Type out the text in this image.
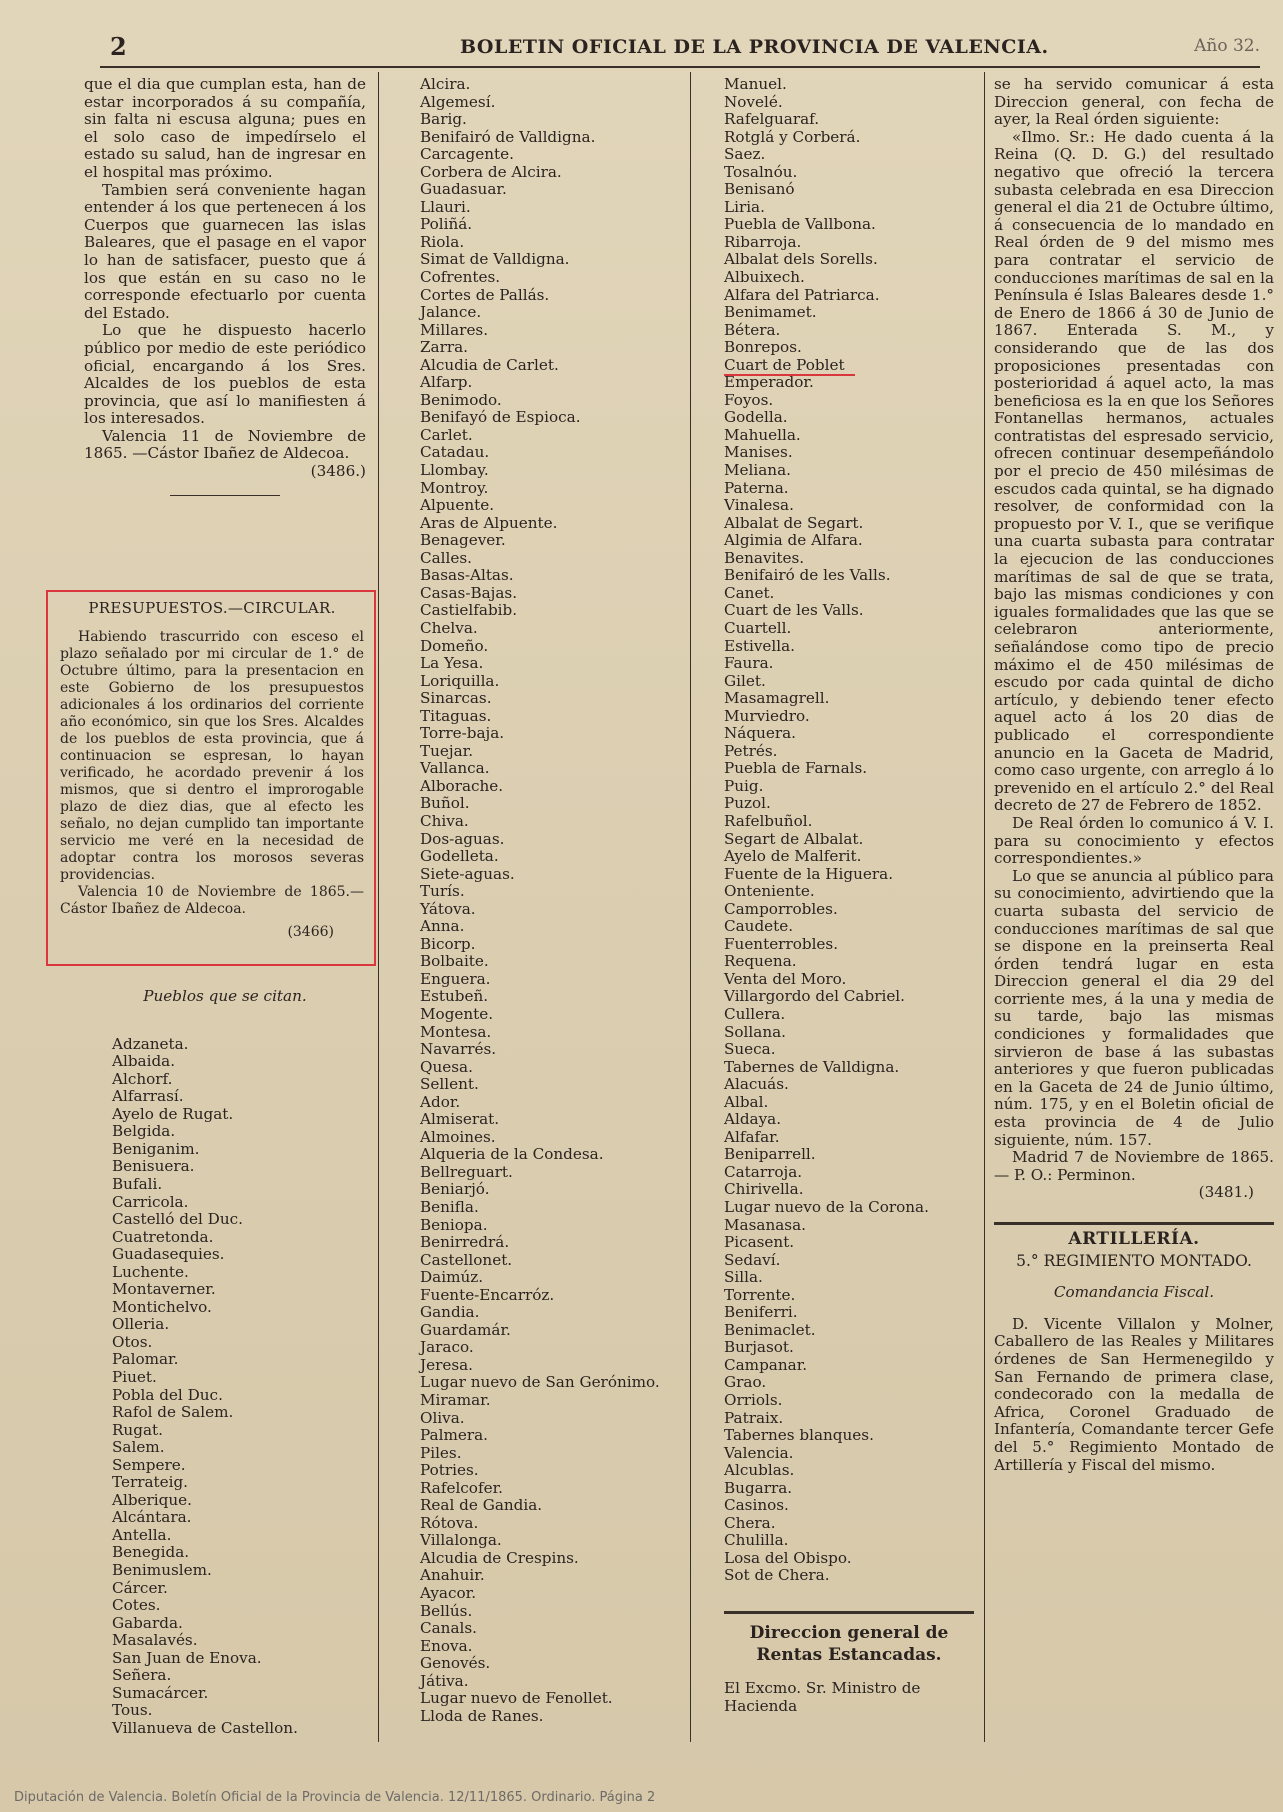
2	BOLETIN OFICIAL DE LA PROVINCIA DE VALENCIA.	Año 32.

que el dia que cumplan esta, han de estar incorporados á su compañía, sin falta ni escusa alguna; pues en el solo caso de impedírselo el estado su salud, han de ingresar en el hospital mas próximo.

Tambien será conveniente hagan entender á los que pertenecen á los Cuerpos que guarnecen las islas Baleares, que el pasage en el vapor lo han de satisfacer, puesto que á los que están en su caso no le corresponde efectuarlo por cuenta del Estado.

Lo que he dispuesto hacerlo público por medio de este periódico oficial, encargando á los Sres. Alcaldes de los pueblos de esta provincia, que así lo manifiesten á los interesados.

Valencia 11 de Noviembre de 1865. —Cástor Ibañez de Aldecoa.

(3486.)
PRESUPUESTOS.—CIRCULAR.

Habiendo trascurrido con esceso el plazo señalado por mi circular de 1.° de Octubre último, para la presentacion en este Gobierno de los presupuestos adicionales á los ordinarios del corriente año económico, sin que los Sres. Alcaldes de los pueblos de esta provincia, que á continuacion se espresan, lo hayan verificado, he acordado prevenir á los mismos, que si dentro el improrogable plazo de diez dias, que al efecto les señalo, no dejan cumplido tan importante servicio me veré en la necesidad de adoptar contra los morosos severas providencias.

Valencia 10 de Noviembre de 1865.— Cástor Ibañez de Aldecoa.

(3466)
Pueblos que se citan.
Adzaneta.
Albaida.
Alchorf.
Alfarrasí.
Ayelo de Rugat.
Belgida.
Beniganim.
Benisuera.
Bufali.
Carricola.
Castelló del Duc.
Cuatretonda.
Guadasequies.
Luchente.
Montaverner.
Montichelvo.
Olleria.
Otos.
Palomar.
Piuet.
Pobla del Duc.
Rafol de Salem.
Rugat.
Salem.
Sempere.
Terrateig.
Alberique.
Alcántara.
Antella.
Benegida.
Benimuslem.
Cárcer.
Cotes.
Gabarda.
Masalavés.
San Juan de Enova.
Señera.
Sumacárcer.
Tous.
Villanueva de Castellon.
Alcira.
Algemesí.
Barig.
Benifairó de Valldigna.
Carcagente.
Corbera de Alcira.
Guadasuar.
Llauri.
Poliñá.
Riola.
Simat de Valldigna.
Cofrentes.
Cortes de Pallás.
Jalance.
Millares.
Zarra.
Alcudia de Carlet.
Alfarp.
Benimodo.
Benifayó de Espioca.
Carlet.
Catadau.
Llombay.
Montroy.
Alpuente.
Aras de Alpuente.
Benagever.
Calles.
Basas-Altas.
Casas-Bajas.
Castielfabib.
Chelva.
Domeño.
La Yesa.
Loriquilla.
Sinarcas.
Titaguas.
Torre-baja.
Tuejar.
Vallanca.
Alborache.
Buñol.
Chiva.
Dos-aguas.
Godelleta.
Siete-aguas.
Turís.
Yátova.
Anna.
Bicorp.
Bolbaite.
Enguera.
Estubeñ.
Mogente.
Montesa.
Navarrés.
Quesa.
Sellent.
Ador.
Almiserat.
Almoines.
Alqueria de la Condesa.
Bellreguart.
Beniarjó.
Benifla.
Beniopa.
Benirredrá.
Castellonet.
Daimúz.
Fuente-Encarróz.
Gandia.
Guardamár.
Jaraco.
Jeresa.
Lugar nuevo de San Gerónimo.
Miramar.
Oliva.
Palmera.
Piles.
Potries.
Rafelcofer.
Real de Gandia.
Rótova.
Villalonga.
Alcudia de Crespins.
Anahuir.
Ayacor.
Bellús.
Canals.
Enova.
Genovés.
Játiva.
Lugar nuevo de Fenollet.
Lloda de Ranes.
Manuel.
Novelé.
Rafelguaraf.
Rotglá y Corberá.
Saez.
Tosalnóu.
Benisanó
Liria.
Puebla de Vallbona.
Ribarroja.
Albalat dels Sorells.
Albuixech.
Alfara del Patriarca.
Benimamet.
Bétera.
Bonrepos.
Cuart de Poblet
Emperador.
Foyos.
Godella.
Mahuella.
Manises.
Meliana.
Paterna.
Vinalesa.
Albalat de Segart.
Algimia de Alfara.
Benavites.
Benifairó de les Valls.
Canet.
Cuart de les Valls.
Cuartell.
Estivella.
Faura.
Gilet.
Masamagrell.
Murviedro.
Náquera.
Petrés.
Puebla de Farnals.
Puig.
Puzol.
Rafelbuñol.
Segart de Albalat.
Ayelo de Malferit.
Fuente de la Higuera.
Onteniente.
Camporrobles.
Caudete.
Fuenterrobles.
Requena.
Venta del Moro.
Villargordo del Cabriel.
Cullera.
Sollana.
Sueca.
Tabernes de Valldigna.
Alacuás.
Albal.
Aldaya.
Alfafar.
Beniparrell.
Catarroja.
Chirivella.
Lugar nuevo de la Corona.
Masanasa.
Picasent.
Sedaví.
Silla.
Torrente.
Beniferri.
Benimaclet.
Burjasot.
Campanar.
Grao.
Orriols.
Patraix.
Tabernes blanques.
Valencia.
Alcublas.
Bugarra.
Casinos.
Chera.
Chulilla.
Losa del Obispo.
Sot de Chera.
Direccion general de Rentas Estancadas.
El Excmo. Sr. Ministro de Hacienda

se ha servido comunicar á esta Direccion general, con fecha de ayer, la Real órden siguiente:

«Ilmo. Sr.: He dado cuenta á la Reina (Q. D. G.) del resultado negativo que ofreció la tercera subasta celebrada en esa Direccion general el dia 21 de Octubre último, á consecuencia de lo mandado en Real órden de 9 del mismo mes para contratar el servicio de conducciones marítimas de sal en la Península é Islas Baleares desde 1.° de Enero de 1866 á 30 de Junio de 1867. Enterada S. M., y considerando que de las dos proposiciones presentadas con posterioridad á aquel acto, la mas beneficiosa es la en que los Señores Fontanellas hermanos, actuales contratistas del espresado servicio, ofrecen continuar desempeñándolo por el precio de 450 milésimas de escudos cada quintal, se ha dignado resolver, de conformidad con la propuesto por V. I., que se verifique una cuarta subasta para contratar la ejecucion de las conducciones marítimas de sal de que se trata, bajo las mismas condiciones y con iguales formalidades que las que se celebraron anteriormente, señalándose como tipo de precio máximo el de 450 milésimas de escudo por cada quintal de dicho artículo, y debiendo tener efecto aquel acto á los 20 dias de publicado el correspondiente anuncio en la Gaceta de Madrid, como caso urgente, con arreglo á lo prevenido en el artículo 2.° del Real decreto de 27 de Febrero de 1852.

De Real órden lo comunico á V. I. para su conocimiento y efectos correspondientes.»

Lo que se anuncia al público para su conocimiento, advirtiendo que la cuarta subasta del servicio de conducciones marítimas de sal que se dispone en la preinserta Real órden tendrá lugar en esta Direccion general el dia 29 del corriente mes, á la una y media de su tarde, bajo las mismas condiciones y formalidades que sirvieron de base á las subastas anteriores y que fueron publicadas en la Gaceta de 24 de Junio último, núm. 175, y en el Boletin oficial de esta provincia de 4 de Julio siguiente, núm. 157.

Madrid 7 de Noviembre de 1865.— P. O.: Perminon.

(3481.)
ARTILLERÍA.
5.° REGIMIENTO MONTADO.
Comandancia Fiscal.

D. Vicente Villalon y Molner, Caballero de las Reales y Militares órdenes de San Hermenegildo y San Fernando de primera clase, condecorado con la medalla de Africa, Coronel Graduado de Infantería, Comandante tercer Gefe del 5.° Regimiento Montado de Artillería y Fiscal del mismo.

Diputación de Valencia. Boletín Oficial de la Provincia de Valencia. 12/11/1865. Ordinario. Página 2
